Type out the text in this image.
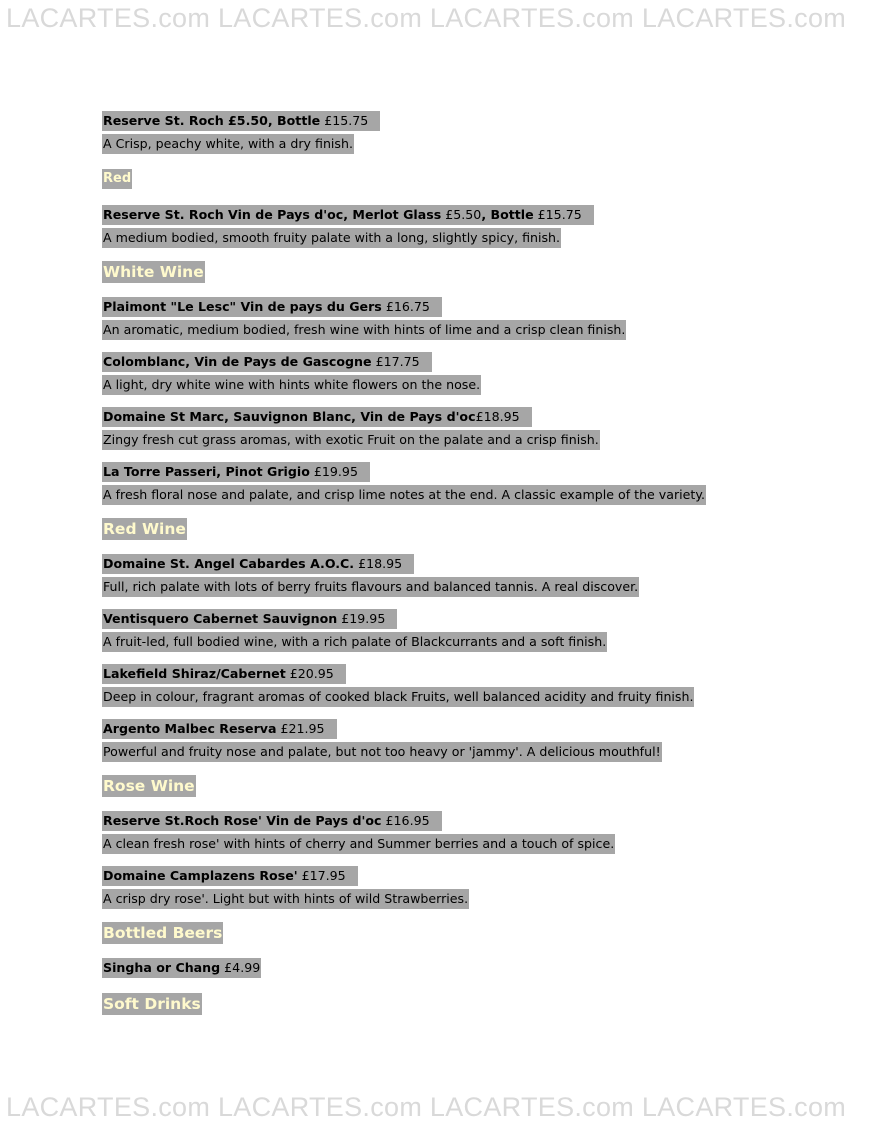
LACARTES.com LACARTES.com LACARTES.com LACARTES.com
Reserve St. Roch £5.50, Bottle £15.75
A Crisp, peachy white, with a dry finish.
Red
Reserve St. Roch Vin de Pays d'oc, Merlot Glass £5.50, Bottle £15.75
A medium bodied, smooth fruity palate with a long, slightly spicy, finish.
White Wine
Plaimont "Le Lesc" Vin de pays du Gers £16.75
An aromatic, medium bodied, fresh wine with hints of lime and a crisp clean finish.
Colomblanc, Vin de Pays de Gascogne £17.75
A light, dry white wine with hints white flowers on the nose.
Domaine St Marc, Sauvignon Blanc, Vin de Pays d'oc£18.95
Zingy fresh cut grass aromas, with exotic Fruit on the palate and a crisp finish.
La Torre Passeri, Pinot Grigio £19.95
A fresh floral nose and palate, and crisp lime notes at the end. A classic example of the variety.
Red Wine
Domaine St. Angel Cabardes A.O.C. £18.95
Full, rich palate with lots of berry fruits flavours and balanced tannis. A real discover.
Ventisquero Cabernet Sauvignon £19.95
A fruit-led, full bodied wine, with a rich palate of Blackcurrants and a soft finish.
Lakefield Shiraz/Cabernet £20.95
Deep in colour, fragrant aromas of cooked black Fruits, well balanced acidity and fruity finish.
Argento Malbec Reserva £21.95
Powerful and fruity nose and palate, but not too heavy or 'jammy'. A delicious mouthful!
Rose Wine
Reserve St.Roch Rose' Vin de Pays d'oc £16.95
A clean fresh rose' with hints of cherry and Summer berries and a touch of spice.
Domaine Camplazens Rose' £17.95
A crisp dry rose'. Light but with hints of wild Strawberries.
Bottled Beers
Singha or Chang £4.99
Soft Drinks
LACARTES.com LACARTES.com LACARTES.com LACARTES.com
